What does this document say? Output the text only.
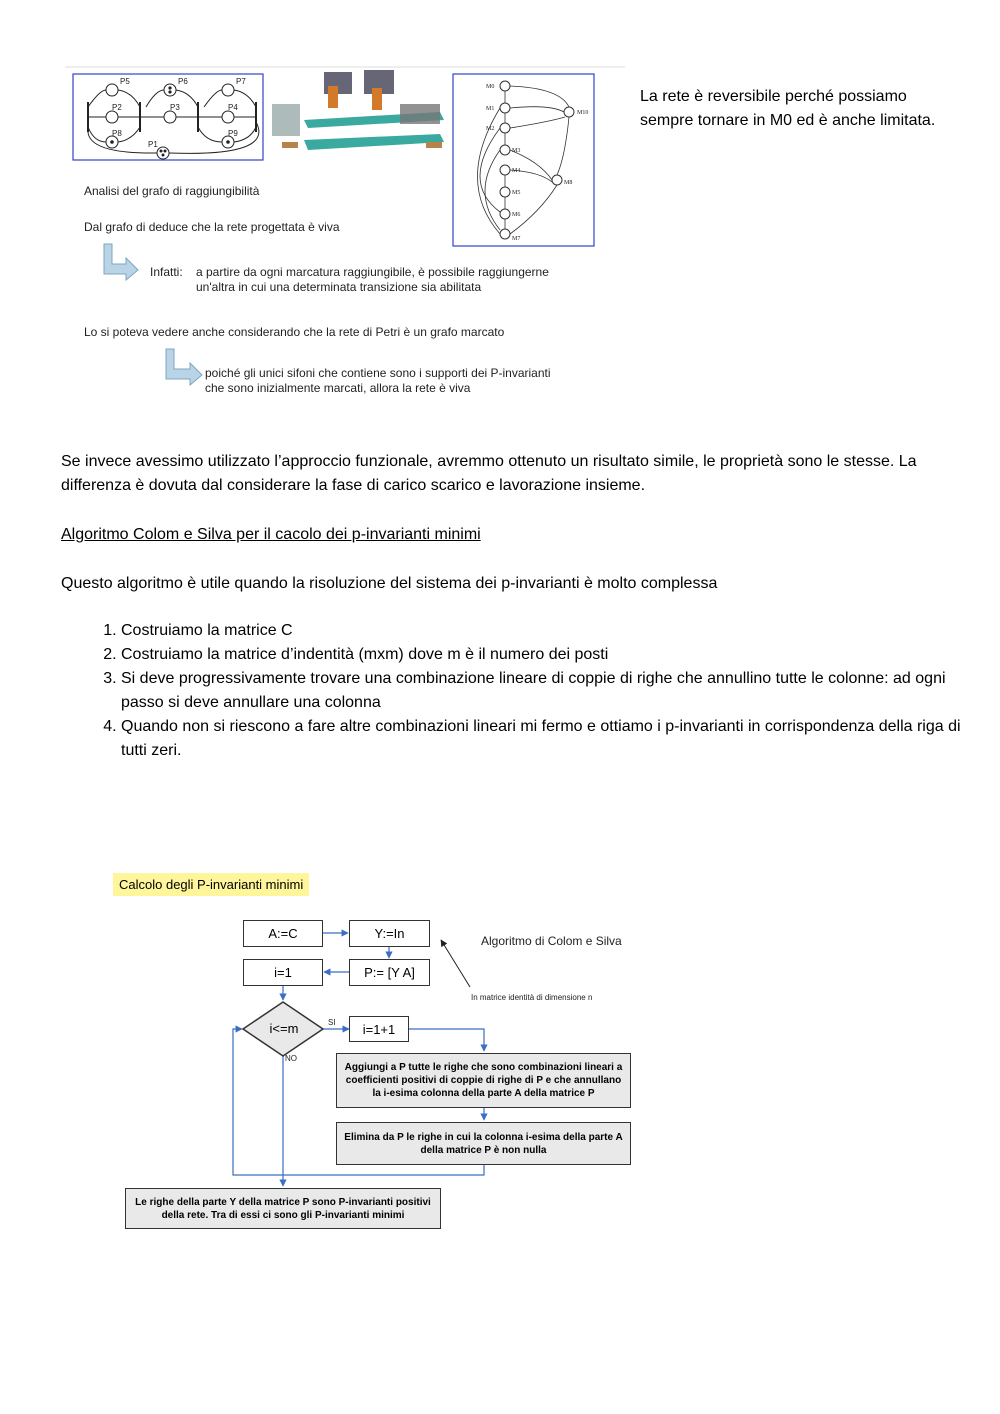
P5	P6	P7
P2	P3	P4
P8	P9
P1
M0
M1
M2
M3
M4
M5
M6
M7
M8
M10
Analisi del grafo di raggiungibilità
Dal grafo di deduce che la rete progettata è viva
Infatti: a partire da ogni marcatura raggiungibile, è possibile raggiungerne
un'altra in cui una determinata transizione sia abilitata
Lo si poteva vedere anche considerando che la rete di Petri è un grafo marcato
poiché gli unici sifoni che contiene sono i supporti dei P-invarianti
che sono inizialmente marcati, allora la rete è viva
La rete è reversibile perché possiamo sempre tornare in M0 ed è anche limitata.
Se invece avessimo utilizzato l’approccio funzionale, avremmo ottenuto un risultato simile, le proprietà sono le stesse. La differenza è dovuta dal considerare la fase di carico scarico e lavorazione insieme.
Algoritmo Colom e Silva per il cacolo dei p-invarianti minimi
Questo algoritmo è utile quando la risoluzione del sistema dei p-invarianti è molto complessa
1. Costruiamo la matrice C
2. Costruiamo la matrice d’indentità (mxm) dove m è il numero dei posti
3. Si deve progressivamente trovare una combinazione lineare di coppie di righe che annullino tutte le colonne: ad ogni passo si deve annullare una colonna
4. Quando non si riescono a fare altre combinazioni lineari mi fermo e ottiamo i p-invarianti in corrispondenza della riga di tutti zeri.
Calcolo degli P-invarianti minimi
A:=C	Y:=In
i=1	P:= [Y A]
i<=m	SI
NO
i=1+1
Aggiungi a P tutte le righe che sono combinazioni lineari a coefficienti positivi di coppie di righe di P e che annullano la i-esima colonna della parte A della matrice P
Elimina da P le righe in cui la colonna i-esima della parte A della matrice P è non nulla
Le righe della parte Y della matrice P sono P-invarianti positivi della rete. Tra di essi ci sono gli P-invarianti minimi
Algoritmo di Colom e Silva
In matrice identità di dimensione n
